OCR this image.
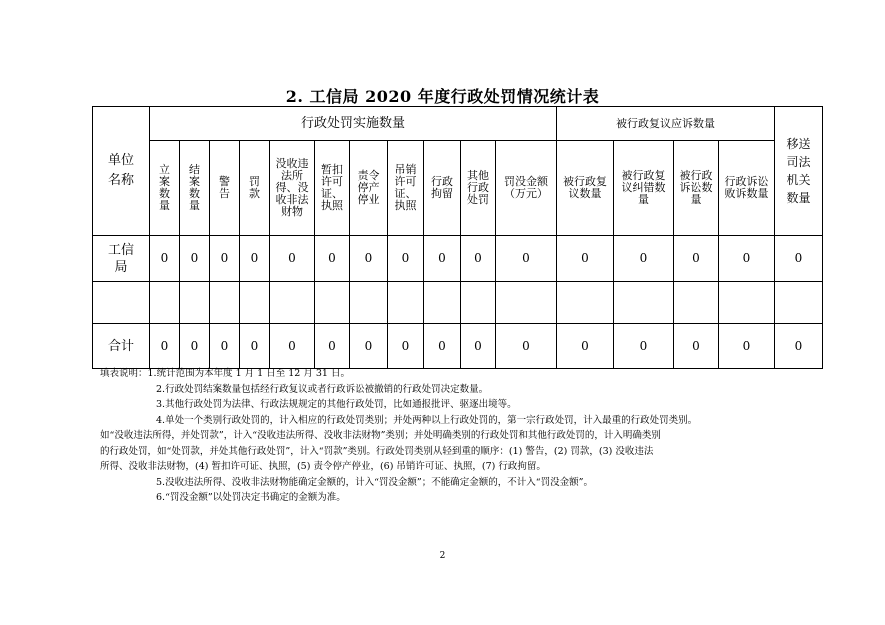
2. 工信局 2020 年度行政处罚情况统计表
单位名称	行政处罚实施数量											被行政复议应诉数量				移送司法机关数量
	立案数量	结案数量	警告	罚款	没收违法所得、没收非法财物	暂扣许可证、执照	责令停产停业	吊销许可证、执照	行政拘留	其他行政处罚	罚没金额（万元）	被行政复议数量	被行政复议纠错数量	被行政诉讼数量	行政诉讼败诉数量	
工信局	0	0	0	0	0	0	0	0	0	0	0	0	0	0	0	0

合计	0	0	0	0	0	0	0	0	0	0	0	0	0	0	0	0
填表说明：1.统计范围为本年度 1 月 1 日至 12 月 31 日。
2.行政处罚结案数量包括经行政复议或者行政诉讼被撤销的行政处罚决定数量。
3.其他行政处罚为法律、行政法规规定的其他行政处罚，比如通报批评、驱逐出境等。
4.单处一个类别行政处罚的，计入相应的行政处罚类别；并处两种以上行政处罚的，第一宗行政处罚，计入最重的行政处罚类别。
如“没收违法所得，并处罚款”，计入“没收违法所得、没收非法财物”类别；并处明确类别的行政处罚和其他行政处罚的，计入明确类别
的行政处罚，如“处罚款，并处其他行政处罚”，计入“罚款”类别。行政处罚类别从轻到重的顺序：(1) 警告，(2) 罚款，(3) 没收违法
所得、没收非法财物，(4) 暂扣许可证、执照，(5) 责令停产停业，(6) 吊销许可证、执照，(7) 行政拘留。
5.没收违法所得、没收非法财物能确定金额的，计入“罚没金额”；不能确定金额的，不计入“罚没金额”。
6.“罚没金额”以处罚决定书确定的金额为准。
2
